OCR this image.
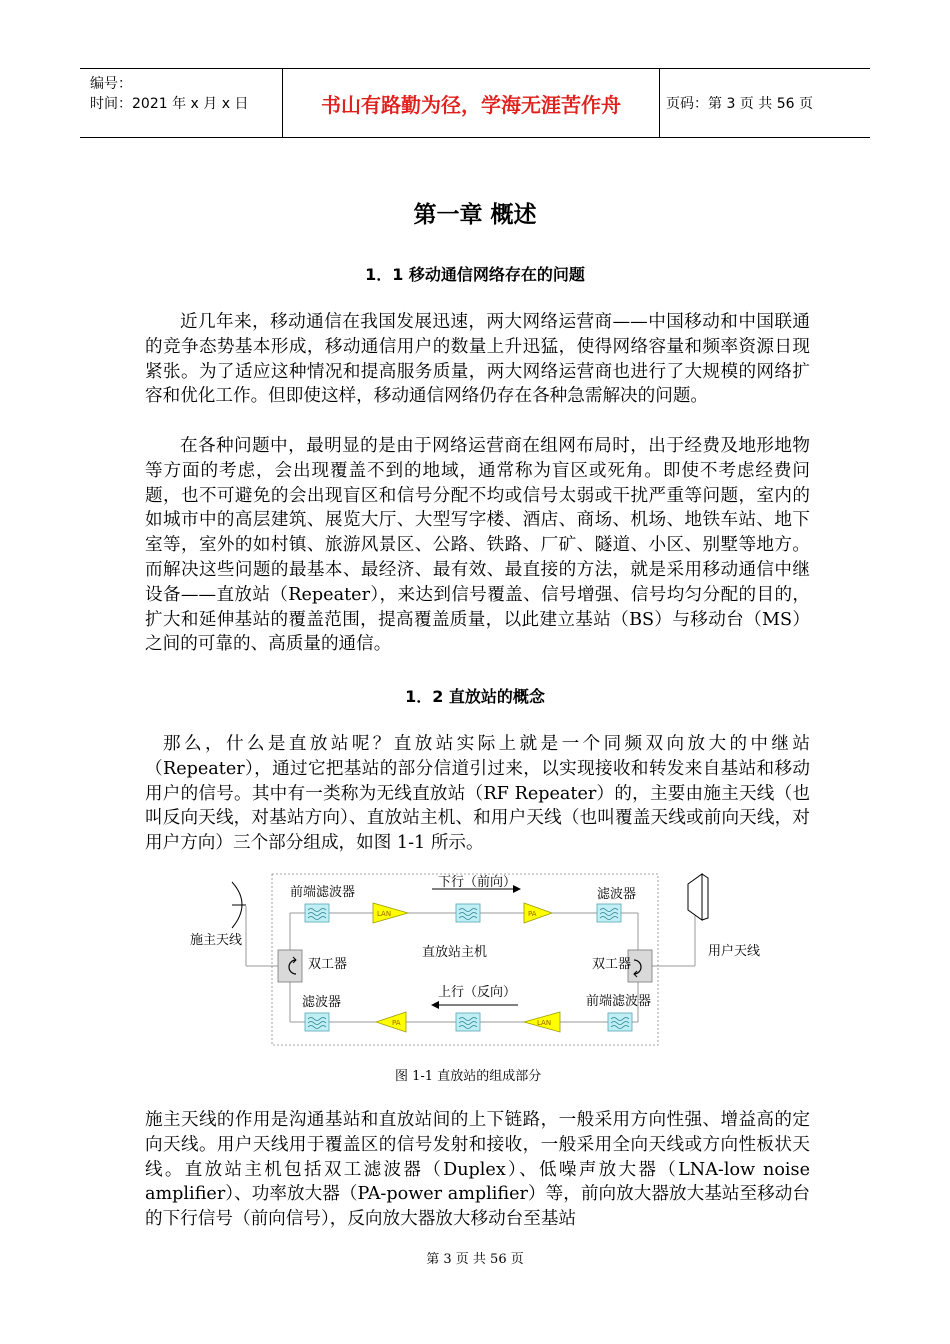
编号：
时间：2021 年 x 月 x 日	书山有路勤为径，学海无涯苦作舟	页码：第 3 页 共 56 页
第一章 概述
1．1 移动通信网络存在的问题

近几年来，移动通信在我国发展迅速，两大网络运营商——中国移动和中国联通的竞争态势基本形成，移动通信用户的数量上升迅猛，使得网络容量和频率资源日现紧张。为了适应这种情况和提高服务质量，两大网络运营商也进行了大规模的网络扩容和优化工作。但即使这样，移动通信网络仍存在各种急需解决的问题。

在各种问题中，最明显的是由于网络运营商在组网布局时，出于经费及地形地物等方面的考虑，会出现覆盖不到的地域，通常称为盲区或死角。即使不考虑经费问题，也不可避免的会出现盲区和信号分配不均或信号太弱或干扰严重等问题，室内的如城市中的高层建筑、展览大厅、大型写字楼、酒店、商场、机场、地铁车站、地下室等，室外的如村镇、旅游风景区、公路、铁路、厂矿、隧道、小区、别墅等地方。而解决这些问题的最基本、最经济、最有效、最直接的方法，就是采用移动通信中继设备——直放站（Repeater），来达到信号覆盖、信号增强、信号均匀分配的目的，扩大和延伸基站的覆盖范围，提高覆盖质量，以此建立基站（BS）与移动台（MS）之间的可靠的、高质量的通信。

1．2 直放站的概念

那么，什么是直放站呢？直放站实际上就是一个同频双向放大的中继站（Repeater），通过它把基站的部分信道引过来，以实现接收和转发来自基站和移动用户的信号。其中有一类称为无线直放站（RF Repeater）的，主要由施主天线（也叫反向天线，对基站方向）、直放站主机、和用户天线（也叫覆盖天线或前向天线，对用户方向）三个部分组成，如图 1-1 所示。

LAN	PA
PA	LAN
施主天线
用户天线
直放站主机
双工器	双工器
前端滤波器	滤波器
滤波器	前端滤波器
下行（前向）
上行（反向）
图 1-1 直放站的组成部分

施主天线的作用是沟通基站和直放站间的上下链路，一般采用方向性强、增益高的定向天线。用户天线用于覆盖区的信号发射和接收，一般采用全向天线或方向性板状天线。直放站主机包括双工滤波器（Duplex）、低噪声放大器（LNA-low noise amplifier）、功率放大器（PA-power amplifier）等，前向放大器放大基站至移动台的下行信号（前向信号），反向放大器放大移动台至基站

第 3 页 共 56 页
